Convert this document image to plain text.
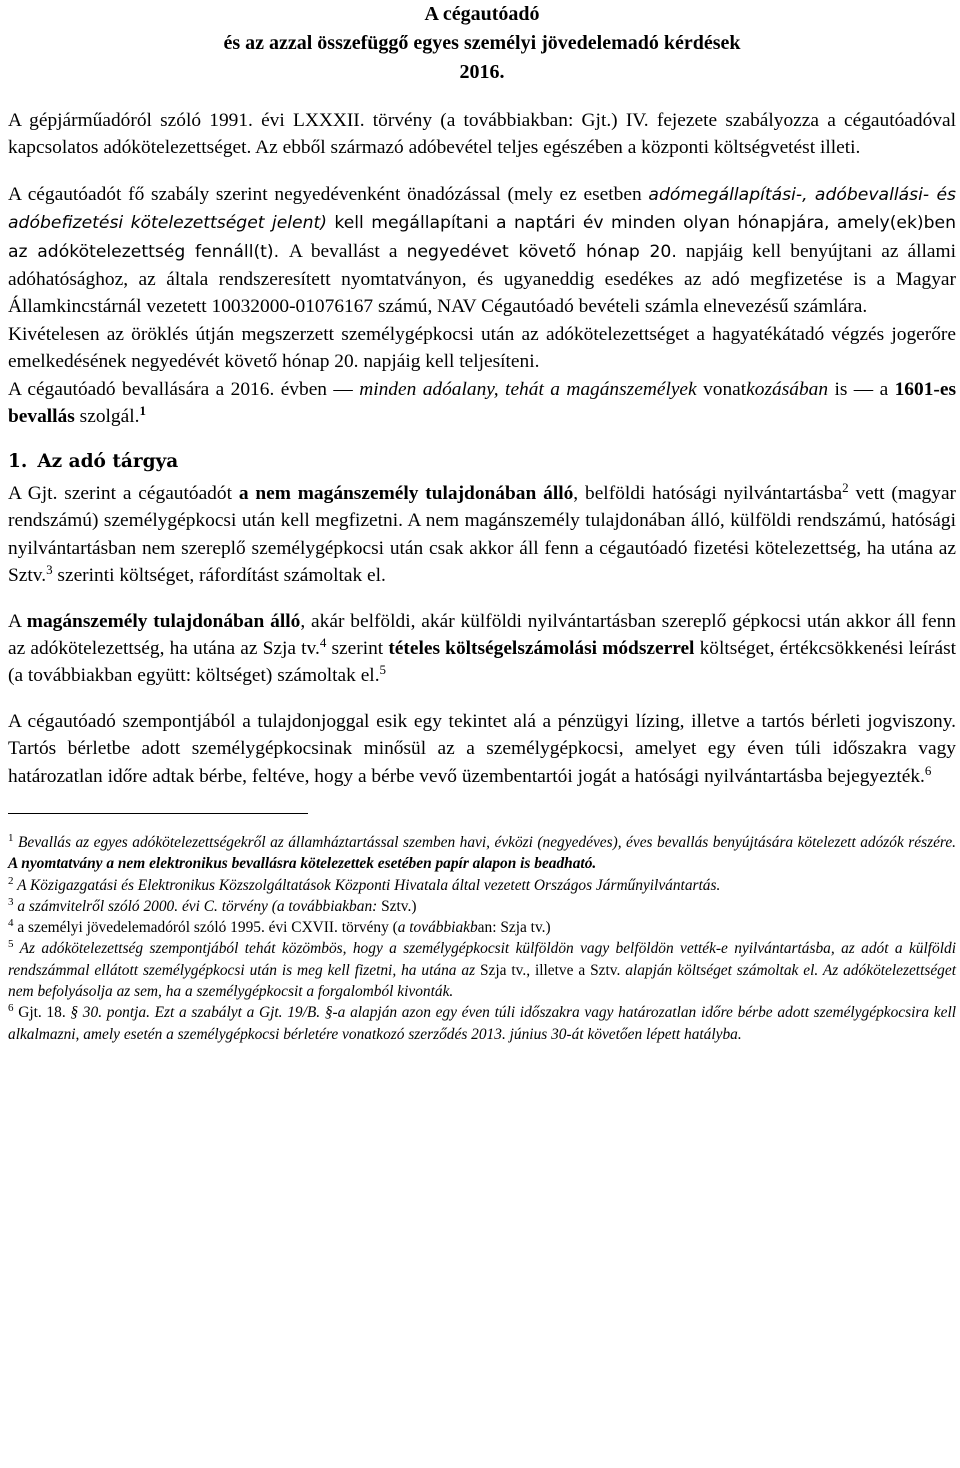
A cégautóadó
és az azzal összefüggő egyes személyi jövedelemadó kérdések
2016.

A gépjárműadóról szóló 1991. évi LXXXII. törvény (a továbbiakban: Gjt.) IV. fejezete szabályozza a cégautóadóval kapcsolatos adókötelezettséget. Az ebből származó adóbevétel teljes egészében a központi költségvetést illeti.

A cégautóadót fő szabály szerint negyedévenként önadózással (mely ez esetben adómegállapítási-, adóbevallási- és adóbefizetési kötelezettséget jelent) kell megállapítani a naptári év minden olyan hónapjára, amely(ek)ben az adókötelezettség fennáll(t). A bevallást a negyedévet követő hónap 20. napjáig kell benyújtani az állami adóhatósághoz, az általa rendszeresített nyomtatványon, és ugyaneddig esedékes az adó megfizetése is a Magyar Államkincstárnál vezetett 10032000-01076167 számú, NAV Cégautóadó bevételi számla elnevezésű számlára.

Kivételesen az öröklés útján megszerzett személygépkocsi után az adókötelezettséget a hagyatékátadó végzés jogerőre emelkedésének negyedévét követő hónap 20. napjáig kell teljesíteni.

A cégautóadó bevallására a 2016. évben — minden adóalany, tehát a magánszemélyek vonatkozásában is — a 1601-es bevallás szolgál.$^1$

1. Az adó tárgya

A Gjt. szerint a cégautóadót a nem magánszemély tulajdonában álló, belföldi hatósági nyilvántartásba$^2$ vett (magyar rendszámú) személygépkocsi után kell megfizetni. A nem magánszemély tulajdonában álló, külföldi rendszámú, hatósági nyilvántartásban nem szereplő személygépkocsi után csak akkor áll fenn a cégautóadó fizetési kötelezettség, ha utána az Sztv.$^3$ szerinti költséget, ráfordítást számoltak el.

A magánszemély tulajdonában álló, akár belföldi, akár külföldi nyilvántartásban szereplő gépkocsi után akkor áll fenn az adókötelezettség, ha utána az Szja tv.$^4$ szerint tételes költségelszámolási módszerrel költséget, értékcsökkenési leírást (a továbbiakban együtt: költséget) számoltak el.$^5$

A cégautóadó szempontjából a tulajdonjoggal esik egy tekintet alá a pénzügyi lízing, illetve a tartós bérleti jogviszony. Tartós bérletbe adott személygépkocsinak minősül az a személygépkocsi, amelyet egy éven túli időszakra vagy határozatlan időre adtak bérbe, feltéve, hogy a bérbe vevő üzembentartói jogát a hatósági nyilvántartásba bejegyezték.$^6$

$^1$ Bevallás az egyes adókötelezettségekről az államháztartással szemben havi, évközi (negyedéves), éves bevallás benyújtására kötelezett adózók részére. A nyomtatvány a nem elektronikus bevallásra kötelezettek esetében papír alapon is beadható.

$^2$ A Közigazgatási és Elektronikus Közszolgáltatások Központi Hivatala által vezetett Országos Járműnyilvántartás.

$^3$ a számvitelről szóló 2000. évi C. törvény (a továbbiakban: Sztv.)

$^4$ a személyi jövedelemadóról szóló 1995. évi CXVII. törvény (a továbbiakban: Szja tv.)

$^5$ Az adókötelezettség szempontjából tehát közömbös, hogy a személygépkocsit külföldön vagy belföldön vették-e nyilvántartásba, az adót a külföldi rendszámmal ellátott személygépkocsi után is meg kell fizetni, ha utána az Szja tv., illetve a Sztv. alapján költséget számoltak el. Az adókötelezettséget nem befolyásolja az sem, ha a személygépkocsit a forgalomból kivonták.

$^6$ Gjt. 18. § 30. pontja. Ezt a szabályt a Gjt. 19/B. §-a alapján azon egy éven túli időszakra vagy határozatlan időre bérbe adott személygépkocsira kell alkalmazni, amely esetén a személygépkocsi bérletére vonatkozó szerződés 2013. június 30-át követően lépett hatályba.
